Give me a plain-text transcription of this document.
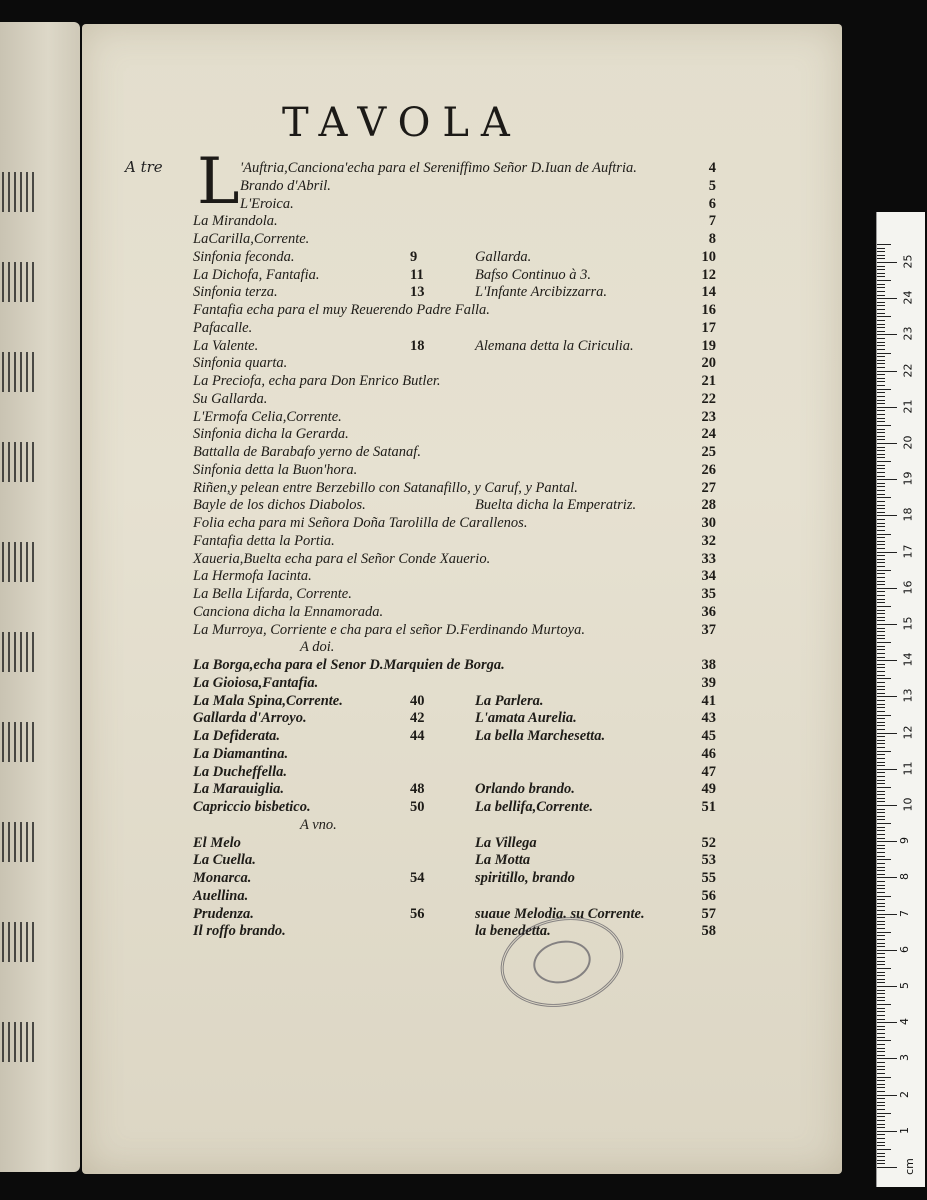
TAVOLA
A tre L 'Auftria,Canciona'echa para el Sereniffimo Señor D.Iuan de Auftria.	4
Brando d'Abril.	5
L'Eroica.	6
La Mirandola.	7
LaCarilla,Corrente.	8
Sinfonia feconda.	9	Gallarda.	10
La Dichofa, Fantafia.	11	Bafso Continuo à 3.	12
Sinfonia terza.	13	L'Infante Arcibizzarra.	14
Fantafia echa para el muy Reuerendo Padre Falla.	16
Pafacalle.	17
La Valente.	18	Alemana detta la Ciriculia.	19
Sinfonia quarta.	20
La Preciofa, echa para Don Enrico Butler.	21
Su Gallarda.	22
L'Ermofa Celia,Corrente.	23
Sinfonia dicha la Gerarda.	24
Battalla de Barabafo yerno de Satanaf.	25
Sinfonia detta la Buon'hora.	26
Riñen,y pelean entre Berzebillo con Satanafillo, y Caruf, y Pantal.	27
Bayle de los dichos Diabolos.	Buelta dicha la Emperatriz.	28
Folia echa para mi Señora Doña Tarolilla de Carallenos.	30
Fantafia detta la Portia.	32
Xaueria,Buelta echa para el Señor Conde Xauerio.	33
La Hermofa Iacinta.	34
La Bella Lifarda, Corrente.	35
Canciona dicha la Ennamorada.	36
La Murroya, Corriente e cha para el señor D.Ferdinando Murtoya.	37
A doi.
La Borga,echa para el Senor D.Marquien de Borga.	38
La Gioiosa,Fantafia.	39
La Mala Spina,Corrente.	40	La Parlera.	41
Gallarda d'Arroyo.	42	L'amata Aurelia.	43
La Defiderata.	44	La bella Marchesetta.	45
La Diamantina.	46
La Ducheffella.	47
La Marauiglia.	48	Orlando brando.	49
Capriccio bisbetico.	50	La bellifa,Corrente.	51
A vno.
El Melo	La Villega	52
La Cuella.	La Motta	53
Monarca.	54	spiritillo, brando	55
Auellina.	56
Prudenza.	56	suaue Melodia. su Corrente.	57
Il roffo brando.	la benedetta.	58
cm
1
2
3
4
5
6
7
8
9
10
11
12
13
14
15
16
17
18
19
20
21
22
23
24
25
